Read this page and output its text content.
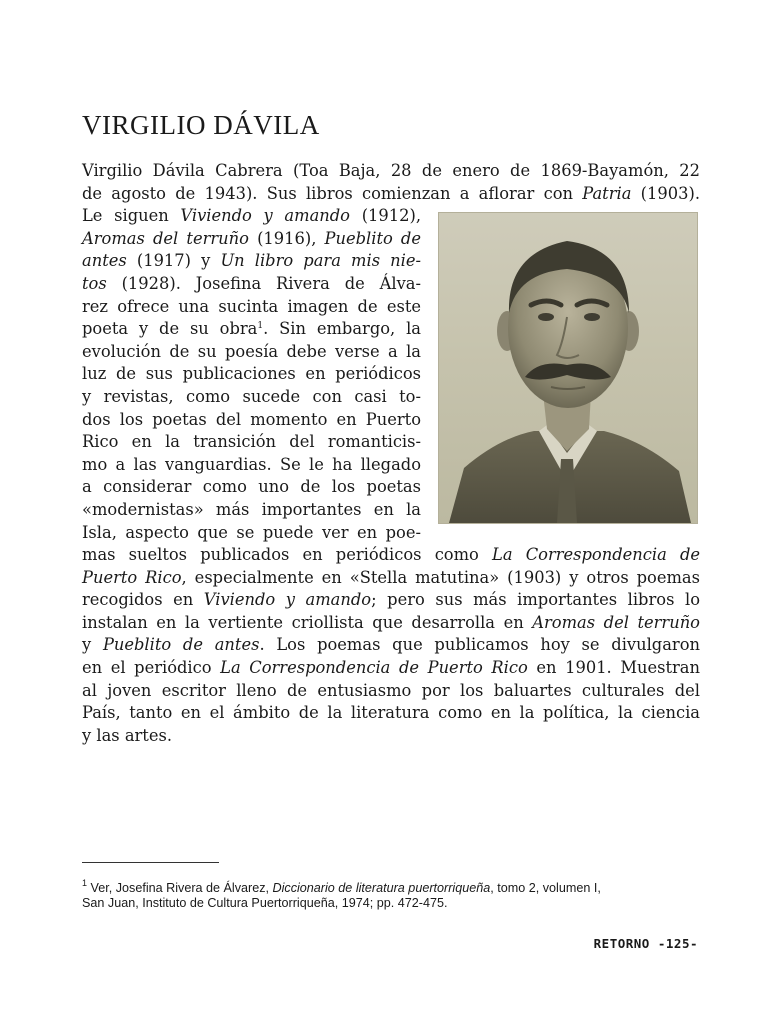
VIRGILIO DÁVILA
Virgilio Dávila Cabrera (Toa Baja, 28 de enero de 1869-Bayamón, 22
de agosto de 1943). Sus libros comienzan a aflorar con Patria (1903).
Le siguen Viviendo y amando (1912),
Aromas del terruño (1916), Pueblito de
antes (1917) y Un libro para mis nie-
tos (1928). Josefina Rivera de Álva-
rez ofrece una sucinta imagen de este
poeta y de su obra$^1$. Sin embargo, la
evolución de su poesía debe verse a la
luz de sus publicaciones en periódicos
y revistas, como sucede con casi to-
dos los poetas del momento en Puerto
Rico en la transición del romanticis-
mo a las vanguardias. Se le ha llegado
a considerar como uno de los poetas
«modernistas» más importantes en la
Isla, aspecto que se puede ver en poe-
mas sueltos publicados en periódicos como La Correspondencia de
Puerto Rico, especialmente en «Stella matutina» (1903) y otros poemas
recogidos en Viviendo y amando; pero sus más importantes libros lo
instalan en la vertiente criollista que desarrolla en Aromas del terruño
y Pueblito de antes. Los poemas que publicamos hoy se divulgaron
en el periódico La Correspondencia de Puerto Rico en 1901. Muestran
al joven escritor lleno de entusiasmo por los baluartes culturales del
País, tanto en el ámbito de la literatura como en la política, la ciencia
y las artes.
$^1$ Ver, Josefina Rivera de Álvarez, Diccionario de literatura puertorriqueña, tomo 2, volumen I,
San Juan, Instituto de Cultura Puertorriqueña, 1974; pp. 472-475.
RETORNO -125-
